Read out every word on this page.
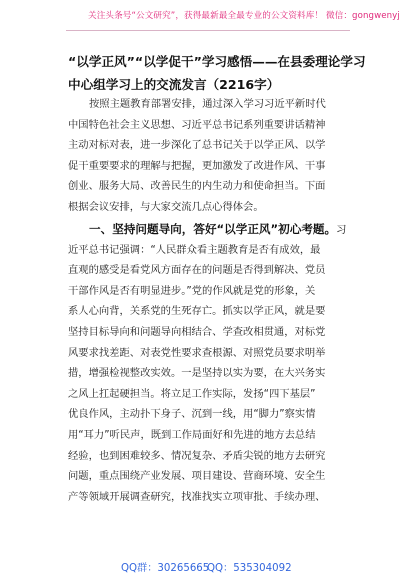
关注头条号“公文研究”，获得最新最全最专业的公文资料库！ 微信：gongwenyj
“以学正风”“以学促干”学习感悟——在县委理论学习
中心组学习上的交流发言（2216字）
按照主题教育部署安排，通过深入学习习近平新时代
中国特色社会主义思想、习近平总书记系列重要讲话精神
主动对标对表，进一步深化了总书记关于以学正风、以学
促干重要要求的理解与把握，更加激发了改进作风、干事
创业、服务大局、改善民生的内生动力和使命担当。下面
根据会议安排，与大家交流几点心得体会。
一、坚持问题导向，答好“以学正风”初心考题。习
近平总书记强调：“人民群众看主题教育是否有成效，最
直观的感受是看党风方面存在的问题是否得到解决、党员
干部作风是否有明显进步。”党的作风就是党的形象，关
系人心向背，关系党的生死存亡。抓实以学正风，就是要
坚持目标导向和问题导向相结合、学查改相贯通，对标党
风要求找差距、对表党性要求查根源、对照党员要求明举
措，增强检视整改实效。一是坚持以实为要，在大兴务实
之风上扛起硬担当。将立足工作实际，发扬“四下基层”
优良作风，主动扑下身子、沉到一线，用“脚力”察实情
用“耳力”听民声，既到工作局面好和先进的地方去总结
经验，也到困难较多、情况复杂、矛盾尖锐的地方去研究
问题，重点围绕产业发展、项目建设、营商环境、安全生
产等领域开展调查研究，找准找实立项审批、手续办理、
QQ群：30265665
QQ：535304092
